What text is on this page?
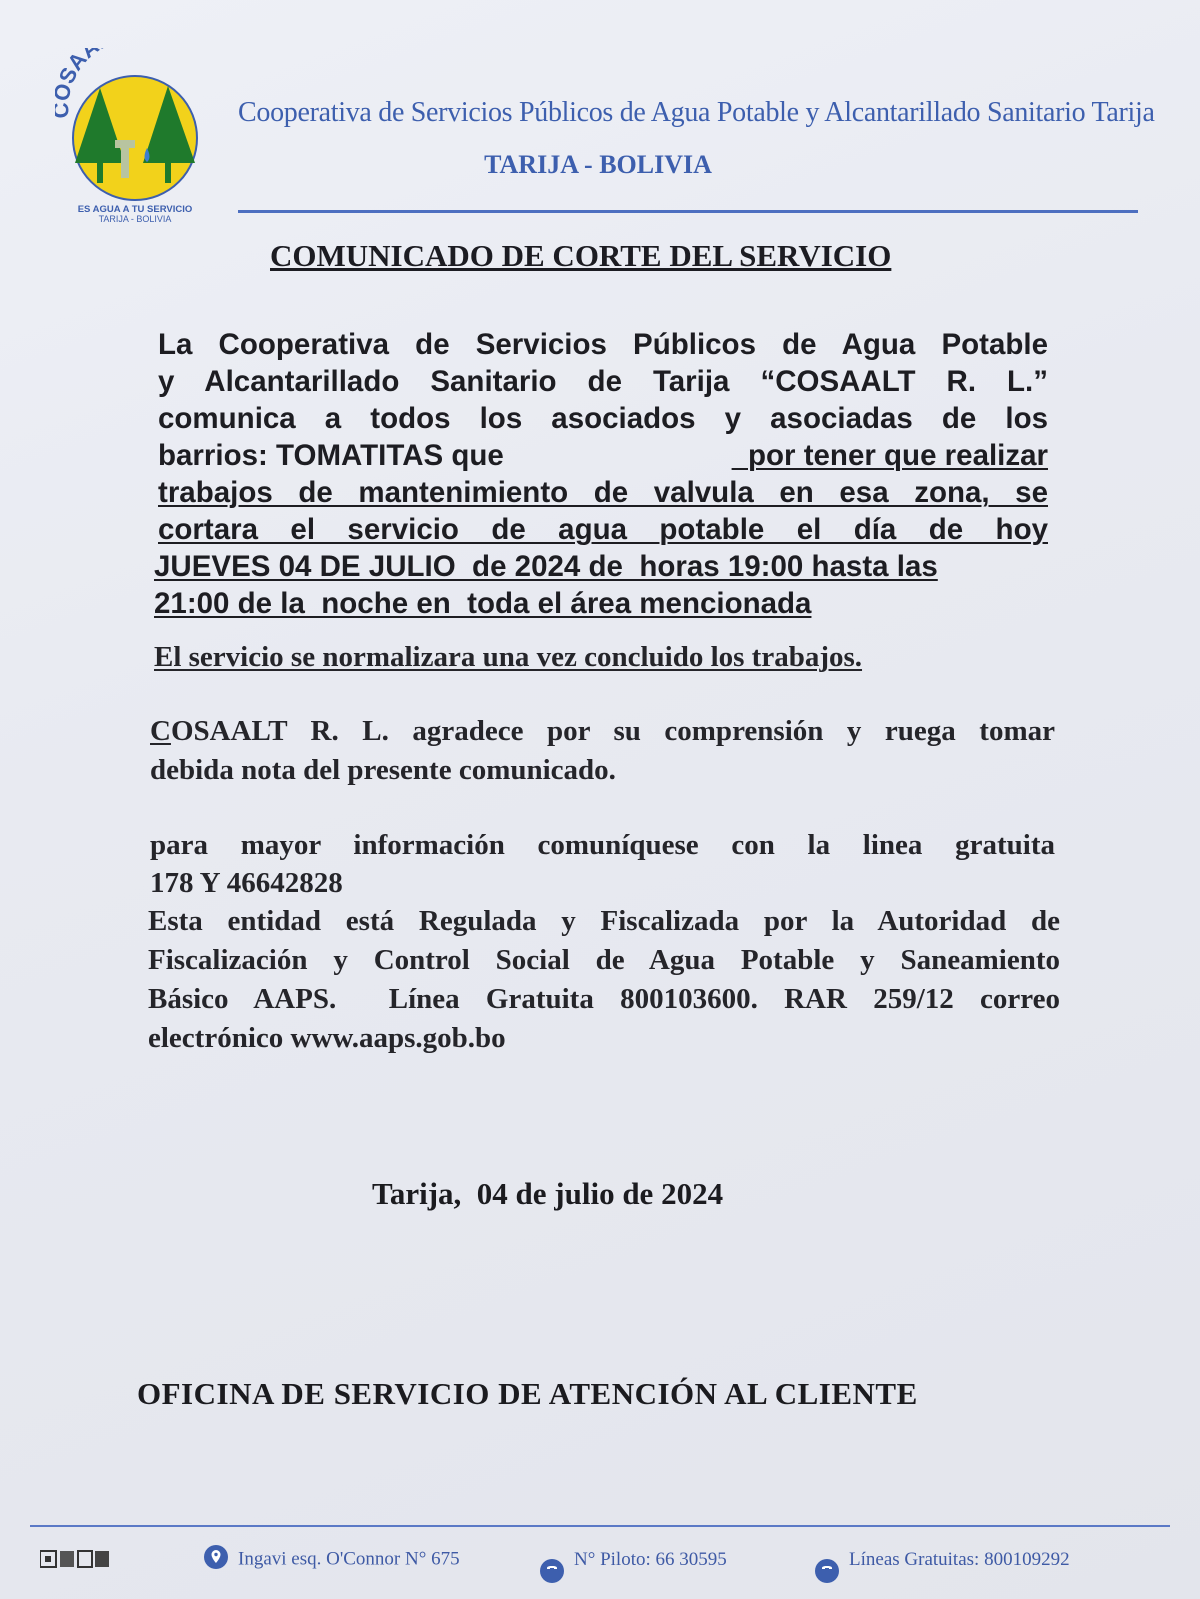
SAA
ES AGUA A TU SERVICIO
TARIJA - BOLIVIA
Cooperativa de Servicios Públicos de Agua Potable y Alcantarillado Sanitario Tarija
TARIJA - BOLIVIA
COMUNICADO DE CORTE DEL SERVICIO
La Cooperativa de Servicios Públicos de Agua Potable
y Alcantarillado Sanitario de Tarija “COSAALT R. L.”
comunica a todos los asociados y asociadas de los
barrios: TOMATITAS que	por tener que realizar
trabajos de mantenimiento de valvula en esa zona, se
cortara el servicio de agua potable el día de hoy
JUEVES 04 DE JULIO  de 2024 de  horas 19:00 hasta las
21:00 de la  noche en  toda el área mencionada
El servicio se normalizara una vez concluido los trabajos.
COSAALT R. L. agradece por su comprensión y ruega tomar
debida nota del presente comunicado.
para mayor información comuníquese con la linea gratuita
178 Y 46642828
Esta entidad está Regulada y Fiscalizada por la Autoridad de
Fiscalización y Control Social de Agua Potable y Saneamiento
Básico AAPS.  Línea Gratuita 800103600. RAR 259/12 correo
electrónico www.aaps.gob.bo
Tarija,  04 de julio de 2024
OFICINA DE SERVICIO DE ATENCIÓN AL CLIENTE
Ingavi esq. O'Connor N° 675	N° Piloto: 66 30595	Líneas Gratuitas: 800109292
